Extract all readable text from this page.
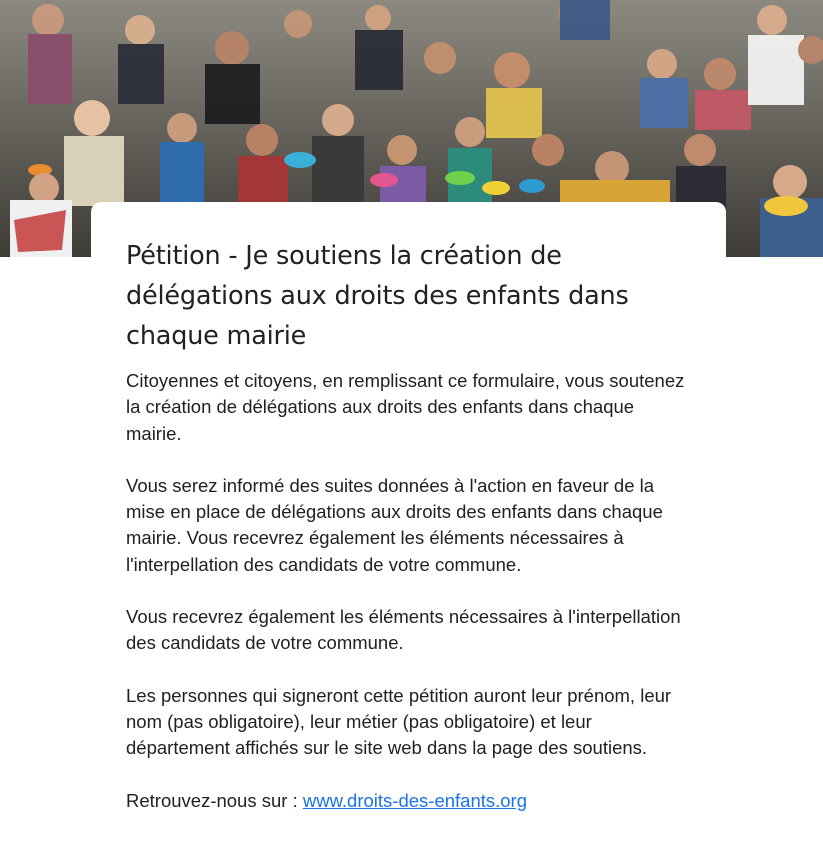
Pétition - Je soutiens la création de délégations aux droits des enfants dans chaque mairie

Citoyennes et citoyens, en remplissant ce formulaire, vous soutenez la création de délégations aux droits des enfants dans chaque mairie.

Vous serez informé des suites données à l'action en faveur de la mise en place de délégations aux droits des enfants dans chaque mairie. Vous recevrez également les éléments nécessaires à l'interpellation des candidats de votre commune.

Vous recevrez également les éléments nécessaires à l'interpellation des candidats de votre commune.

Les personnes qui signeront cette pétition auront leur prénom, leur nom (pas obligatoire), leur métier (pas obligatoire) et leur département affichés sur le site web dans la page des soutiens.

Retrouvez-nous sur : www.droits-des-enfants.org
